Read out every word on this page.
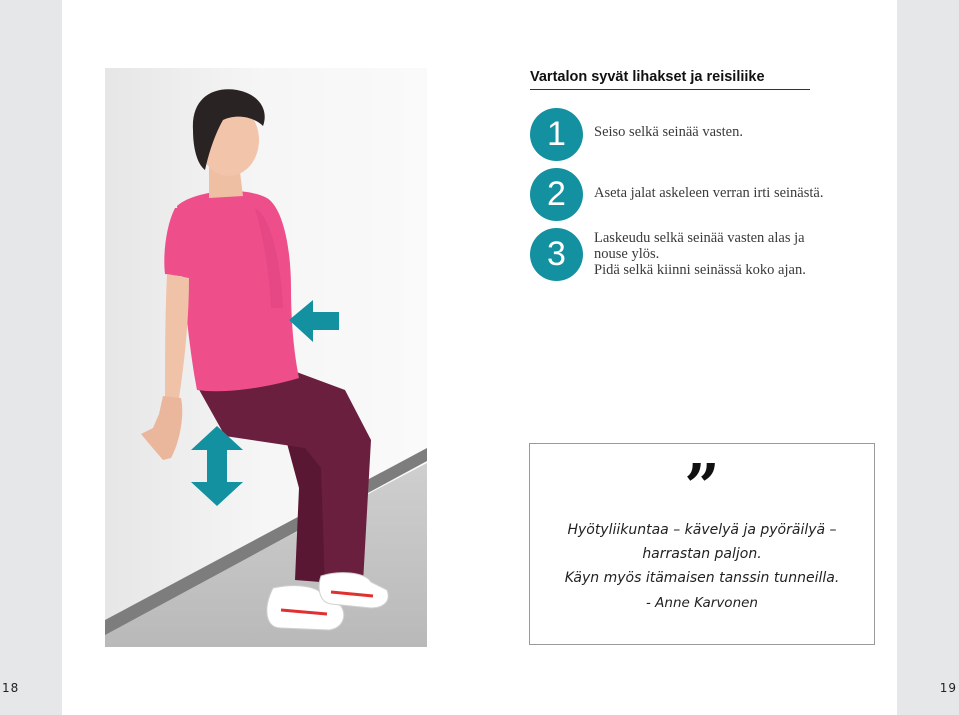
Vartalon syvät lihakset ja reisiliike
1	Seiso selkä seinää vasten.
2	Aseta jalat askeleen verran irti seinästä.
3	Laskeudu selkä seinää vasten alas ja
nouse ylös.
Pidä selkä kiinni seinässä koko ajan.
”
Hyötyliikuntaa – kävelyä ja pyöräilyä –
harrastan paljon.
Käyn myös itämaisen tanssin tunneilla.
- Anne Karvonen
18	19
